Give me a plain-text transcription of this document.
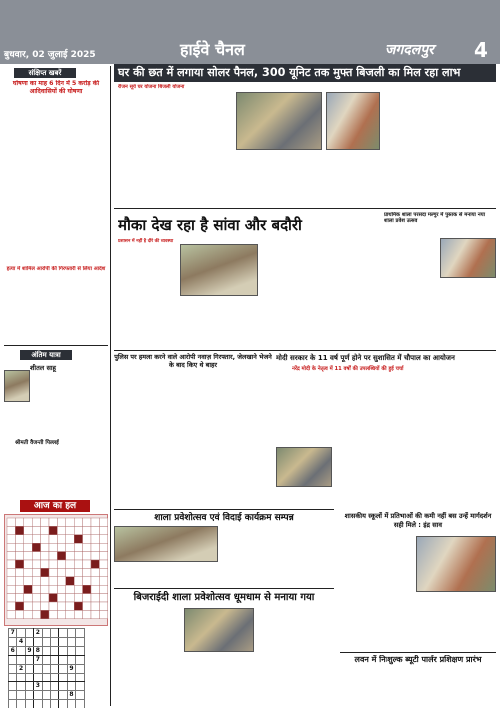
बुधवार, 02 जुलाई 2025	हाईवे चैनल	जगदलपुर 4
संक्षिप्त खबरें
घोषणा का माह 6 दिन में 5 करोड़ की आदिवासियों की घोषणा

हत्या में शामिल आरोपी की गिरफ्तारी से लिया आदेश
अंतिम यात्रा
शीतल साहू
श्रीमती वैजन्ती पिल्लई
आज का हल
7			2					
	4							
6		9	8					
			7					
	2						9	

			3					
							8	

घर की छत में लगाया सोलर पैनल, 300 यूनिट तक मुफ्त बिजली का मिल रहा लाभ
रीजन सूर्य घर योजना बिजली योजना
मौका देख रहा है सांवा और बदौरी
प्रशासन में नहीं है दौरे की व्यवस्था
प्राथमिक शाला परसदा मल्गुर में पुस्तक से मनाया नया शाला प्रवेश उत्सव
पुलिस पर हमला करने वाले आरोपी नवाज़ गिरफ्तार, जेलखाने भेजने के बाद किए थे बाहर
मोदी सरकार के 11 वर्ष पूर्ण होने पर सुशासित में चौपाल का आयोजन
नरेंद्र मोदी के नेतृत्व में 11 वर्षों की उपलब्धियों की हुई चर्चा
शाला प्रवेशोत्सव एवं विदाई कार्यक्रम सम्पन्न	शासकीय स्कूलों में प्रतिभाओं की कमी नहीं बस उन्हें मार्गदर्शन सही मिले : इंद्र साव
बिजराईदी शाला प्रवेशोत्सव धूमधाम से मनाया गया
लवन में निःशुल्क ब्यूटी पार्लर प्रशिक्षण प्रारंभ
